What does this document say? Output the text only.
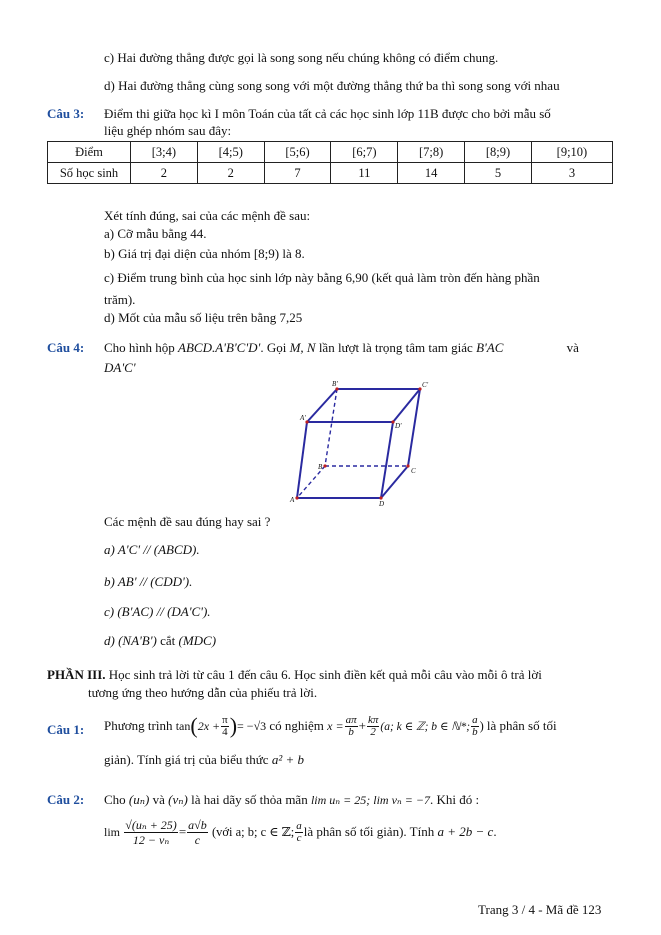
c) Hai đường thẳng được gọi là song song nếu chúng không có điểm chung.
d) Hai đường thẳng cùng song song với một đường thẳng thứ ba thì song song với nhau
Câu 3: Điểm thi giữa học kì I môn Toán của tất cả các học sinh lớp 11B được cho bởi mẫu số
liệu ghép nhóm sau đây:
Điểm	[3;4)	[4;5)	[5;6)	[6;7)	[7;8)	[8;9)	[9;10)
Số học sinh	2	2	7	11	14	5	3
Xét tính đúng, sai của các mệnh đề sau:
a) Cỡ mẫu bằng 44.
b) Giá trị đại diện của nhóm [8;9) là 8.
c) Điểm trung bình của học sinh lớp này bằng 6,90 (kết quả làm tròn đến hàng phần
trăm).
d) Mốt của mẫu số liệu trên bằng 7,25
Câu 4: Cho hình hộp ABCD.A'B'C'D'. Gọi M, N lần lượt là trọng tâm tam giác B'AC	và
DA'C'
B'	C'
A'
D'
B	C
A	D
Các mệnh đề sau đúng hay sai ?
a) A'C' // (ABCD).
b) AB' // (CDD').
c) (B'AC) // (DA'C').
d) (NA'B') cắt (MDC)
PHẦN III. Học sinh trả lời từ câu 1 đến câu 6. Học sinh điền kết quả mỗi câu vào mỗi ô trả lời
tương ứng theo hướng dẫn của phiếu trả lời.
Câu 1: Phương trình
tan ( $2x + \frac{\pi}{4}$ ) = −√3
có nghiệm
$x = \frac{a\pi}{b} + \frac{k\pi}{2} (a$; k ∈ ℤ; b ∈ ℕ*;
a
b ) là phân số tối
giản). Tính giá trị của biểu thức a² + b
Câu 2: Cho (uₙ) và (vₙ) là hai dãy số thỏa mãn lim uₙ = 25; lim vₙ = −7. Khi đó :
lim
$\frac{\text{√(uₙ + 25)}}{\text{12 − vₙ}} = \frac{a√b}{c}$
(với a; b; c ∈ ℤ; a
c là phân số tối giản). Tính
a + 2b − c .
Trang 3 / 4 - Mã đề 123
